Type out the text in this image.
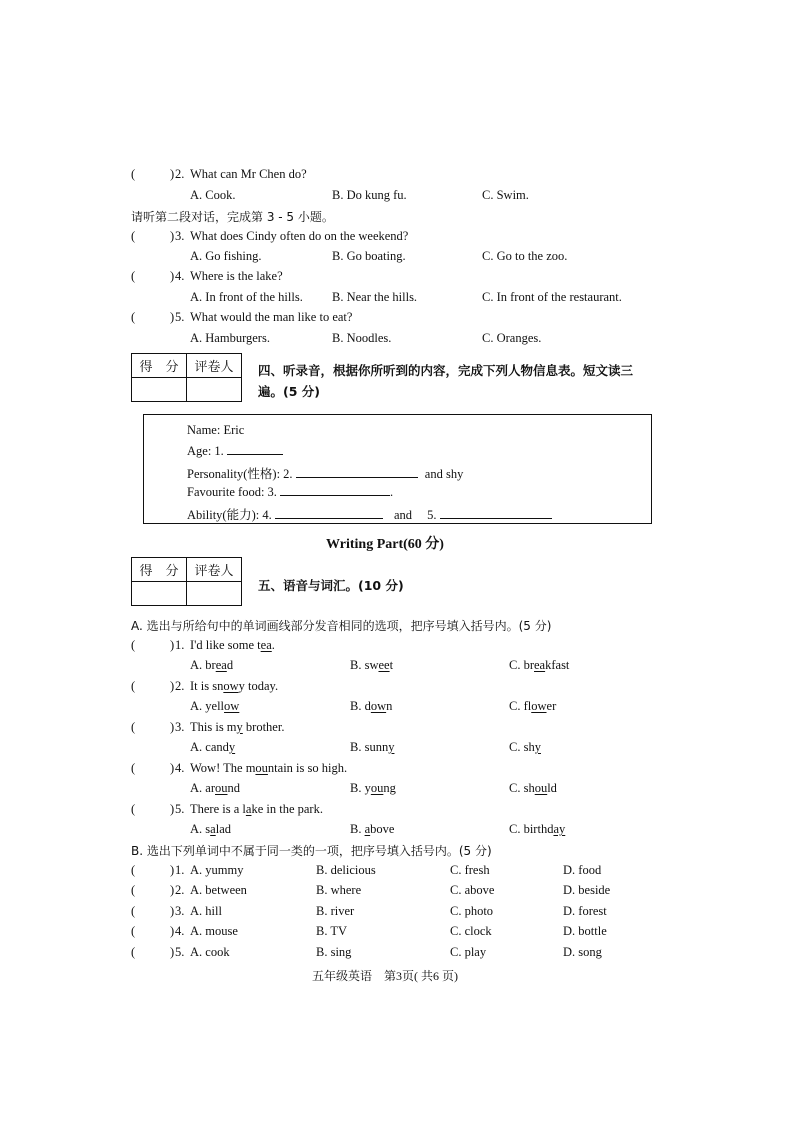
(	) 2. What can Mr Chen do?
A. Cook.	B. Do kung fu.	C. Swim.
请听第二段对话，完成第 3 - 5 小题。
(	) 3. What does Cindy often do on the weekend?
A. Go fishing.	B. Go boating.	C. Go to the zoo.
(	) 4. Where is the lake?
A. In front of the hills. B. Near the hills.	C. In front of the restaurant.
(	) 5. What would the man like to eat?
A. Hamburgers.	B. Noodles.	C. Oranges.
得　分	评卷人
	四、听录音，根据你所听到的内容，完成下列人物信息表。短文读三
遍。(5 分)
Name: Eric
Age: 1.
Personality(性格): 2.	and shy
Favourite food: 3.	.
Ability(能力): 4.	and 5.
Writing Part(60 分)
得　分	评卷人

五、语音与词汇。(10 分)
A. 选出与所给句中的单词画线部分发音相同的选项，把序号填入括号内。(5 分)
(	) 1. I'd like some tea.
A. bread	B. sweet	C. breakfast
(	) 2. It is snowy today.
A. yellow	B. down	C. flower
(	) 3. This is my brother.
A. candy	B. sunny	C. shy
(	) 4. Wow! The mountain is so high.
A. around	B. young	C. should
(	) 5. There is a lake in the park.
A. salad	B. above	C. birthday
B. 选出下列单词中不属于同一类的一项，把序号填入括号内。(5 分)
(	) 1. A. yummy	B. delicious	C. fresh	D. food
(	) 2. A. between	B. where	C. above	D. beside
(	) 3. A. hill	B. river	C. photo	D. forest
(	) 4. A. mouse	B. TV	C. clock	D. bottle
(	) 5. A. cook	B. sing	C. play	D. song
五年级英语　第3页( 共6 页)
